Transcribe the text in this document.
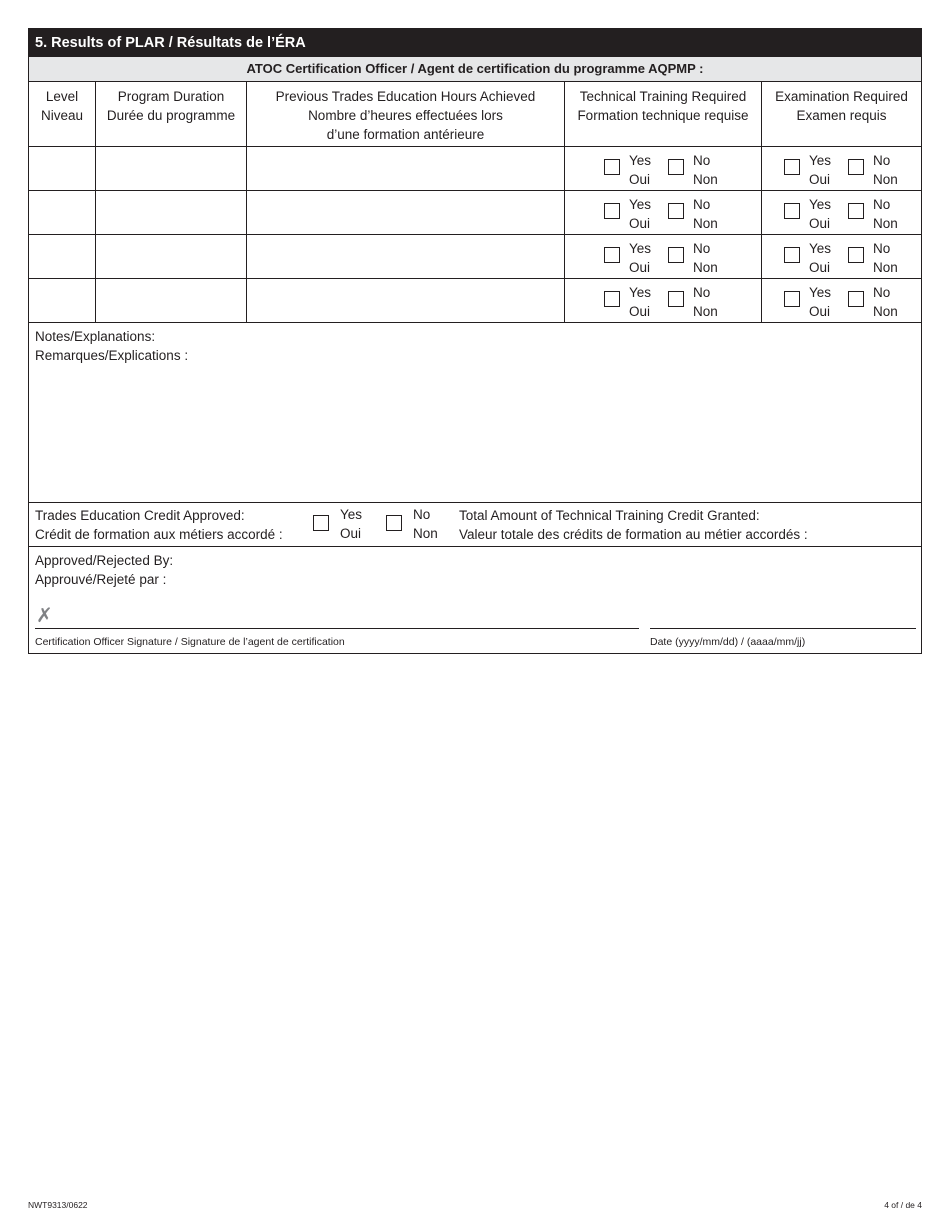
5. Results of PLAR / Résultats de l’ÉRA
ATOC Certification Officer / Agent de certification du programme AQPMP :
Level
Niveau
Program Duration
Durée du programme
Previous Trades Education Hours Achieved
Nombre d’heures effectuées lors
d’une formation antérieure
Technical Training Required
Formation technique requise
Examination Required
Examen requis
Yes
Oui
No
Non
Yes
Oui
No
Non
Yes
Oui
No
Non
Yes
Oui
No
Non
Yes
Oui
No
Non
Yes
Oui
No
Non
Yes
Oui
No
Non
Yes
Oui
No
Non
Notes/Explanations:
Remarques/Explications :
Trades Education Credit Approved:
Crédit de formation aux métiers accordé :
Yes
Oui
No
Non
Total Amount of Technical Training Credit Granted:
Valeur totale des crédits de formation au métier accordés :
Approved/Rejected By:
Approuvé/Rejeté par :
✗
Certification Officer Signature / Signature de l’agent de certification	Date (yyyy/mm/dd) / (aaaa/mm/jj)
NWT9313/0622	4 of / de 4
